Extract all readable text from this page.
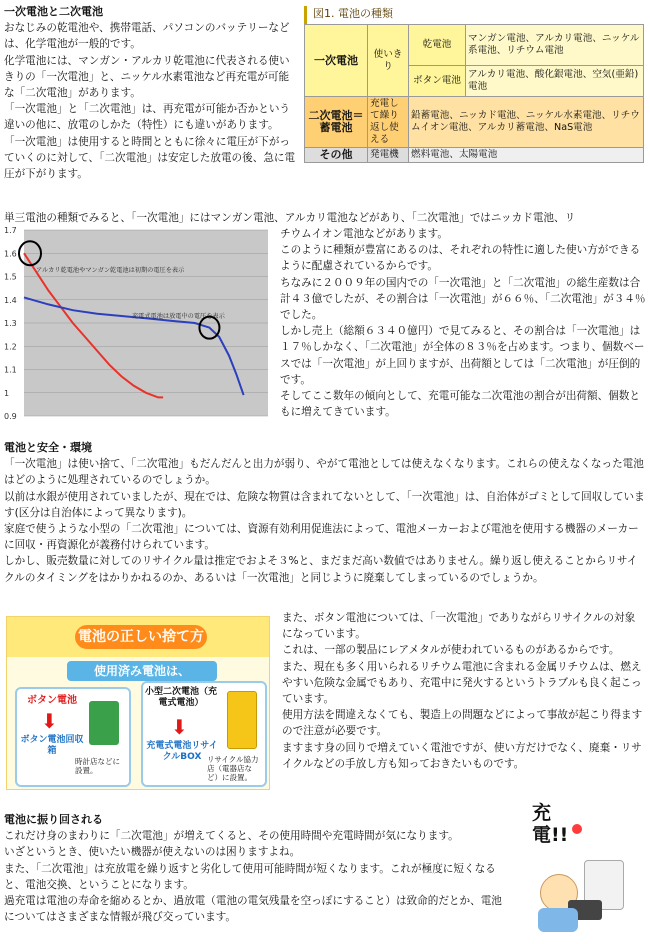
一次電池と二次電池

おなじみの乾電池や、携帯電話、パソコンのバッテリーなどは、化学電池が一般的です。

化学電池には、マンガン・アルカリ乾電池に代表される使いきりの「一次電池」と、ニッケル水素電池など再充電が可能な「二次電池」があります。

「一次電池」と「二次電池」は、再充電が可能か否かという違いの他に、放電のしかた（特性）にも違いがあります。

「一次電池」は使用すると時間とともに徐々に電圧が下がっていくのに対して、「二次電池」は安定した放電の後、急に電圧が下がります。

単三電池の種類でみると、「一次電池」にはマンガン電池、アルカリ電池などがあり、「二次電池」ではニッカド電池、リ

図1. 電池の種類
一次電池	使いきり	乾電池	マンガン電池、アルカリ電池、ニッケル系電池、リチウム電池
		ボタン電池	アルカリ電池、酸化銀電池、空気(亜鉛)電池
二次電池＝蓄電池	充電して繰り返し使える	鉛蓄電池、ニッカド電池、ニッケル水素電池、リチウムイオン電池、アルカリ蓄電池、NaS電池	
その他	発電機	燃料電池、太陽電池	
1.7
1.6
1.5
1.4
1.3
1.2
1.1
1
0.9
アルカリ乾電池やマンガン乾電池は初期の電圧を表示
充電式電池は放電中の電圧を表示

チウムイオン電池などがあります。

このように種類が豊富にあるのは、それぞれの特性に適した使い方ができるように配慮されているからです。

ちなみに２００９年の国内での「一次電池」と「二次電池」の総生産数は合計４３億でしたが、その割合は「一次電池」が６６％、「二次電池」が３４％でした。

しかし売上（総額６３４０億円）で見てみると、その割合は「一次電池」は１７％しかなく、「二次電池」が全体の８３％を占めます。つまり、個数ベースでは「一次電池」が上回りますが、出荷額としては「二次電池」が圧倒的です。

そしてここ数年の傾向として、充電可能な二次電池の割合が出荷額、個数ともに増えてきています。

電池と安全・環境

「一次電池」は使い捨て、「二次電池」もだんだんと出力が弱り、やがて電池としては使えなくなります。これらの使えなくなった電池はどのように処理されているのでしょうか。

以前は水銀が使用されていましたが、現在では、危険な物質は含まれてないとして、「一次電池」は、自治体がゴミとして回収しています(区分は自治体によって異なります)。

家庭で使うような小型の「二次電池」については、資源有効利用促進法によって、電池メーカーおよび電池を使用する機器のメーカーに回収・再資源化が義務付けられています。

しかし、販売数量に対してのリサイクル量は推定でおよそ３%と、まだまだ高い数値ではありません。繰り返し使えることからリサイクルのタイミングをはかりかねるのか、あるいは「一次電池」と同じように廃棄してしまっているのでしょうか。

電池の正しい捨て方
使用済み電池は、
ボタン電池
⬇
ボタン電池回収箱
時計店などに設置。
小型二次電池（充電式電池）
⬇
充電式電池リサイクルBOX リサイクル協力店（電器店など）に設置。

また、ボタン電池については、「一次電池」でありながらリサイクルの対象になっています。

これは、一部の製品にレアメタルが使われているものがあるからです。

また、現在も多く用いられるリチウム電池に含まれる金属リチウムは、燃えやすい危険な金属でもあり、充電中に発火するというトラブルも良く起こっています。

使用方法を間違えなくても、製造上の問題などによって事故が起こり得ますので注意が必要です。

ますます身の回りで増えていく電池ですが、使い方だけでなく、廃棄・リサイクルなどの手放し方も知っておきたいものです。

電池に振り回される

これだけ身のまわりに「二次電池」が増えてくると、その使用時間や充電時間が気になります。

いざというとき、使いたい機器が使えないのは困りますよね。

また、「二次電池」は充放電を繰り返すと劣化して使用可能時間が短くなります。これが極度に短くなると、電池交換、ということになります。

過充電は電池の寿命を縮めるとか、過放電（電池の電気残量を空っぽにすること）は致命的だとか、電池についてはさまざまな情報が飛び交っています。

充電!!
